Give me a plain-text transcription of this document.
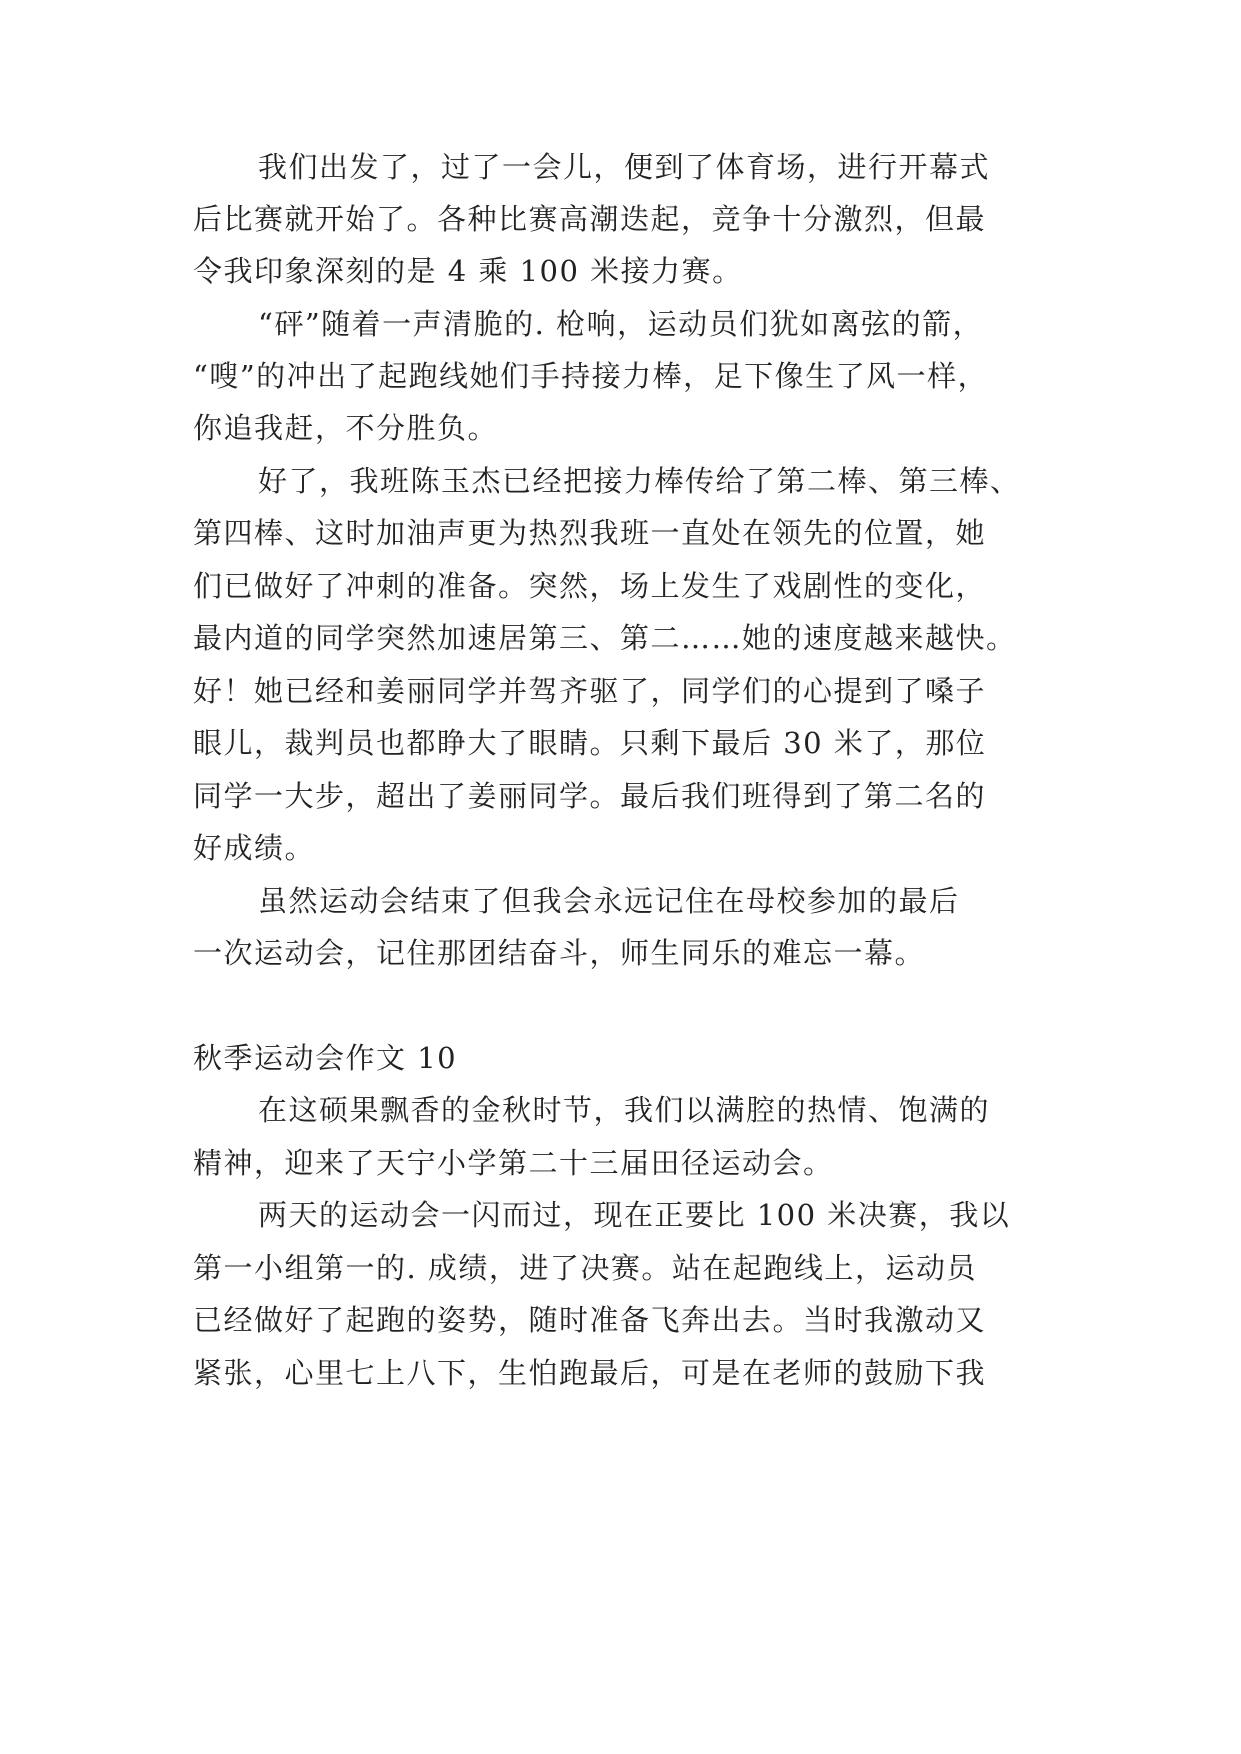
我们出发了，过了一会儿，便到了体育场，进行开幕式
后比赛就开始了。各种比赛高潮迭起，竞争十分激烈，但最
令我印象深刻的是 4 乘 100 米接力赛。
“砰”随着一声清脆的. 枪响，运动员们犹如离弦的箭，
“嗖”的冲出了起跑线她们手持接力棒，足下像生了风一样，
你追我赶，不分胜负。
好了，我班陈玉杰已经把接力棒传给了第二棒、第三棒、
第四棒、这时加油声更为热烈我班一直处在领先的位置，她
们已做好了冲刺的准备。突然，场上发生了戏剧性的变化，
最内道的同学突然加速居第三、第二……她的速度越来越快。
好！她已经和姜丽同学并驾齐驱了，同学们的心提到了嗓子
眼儿，裁判员也都睁大了眼睛。只剩下最后 30 米了，那位
同学一大步，超出了姜丽同学。最后我们班得到了第二名的
好成绩。
虽然运动会结束了但我会永远记住在母校参加的最后
一次运动会，记住那团结奋斗，师生同乐的难忘一幕。
秋季运动会作文 10
在这硕果飘香的金秋时节，我们以满腔的热情、饱满的
精神，迎来了天宁小学第二十三届田径运动会。
两天的运动会一闪而过，现在正要比 100 米决赛，我以
第一小组第一的. 成绩，进了决赛。站在起跑线上，运动员
已经做好了起跑的姿势，随时准备飞奔出去。当时我激动又
紧张，心里七上八下，生怕跑最后，可是在老师的鼓励下我
